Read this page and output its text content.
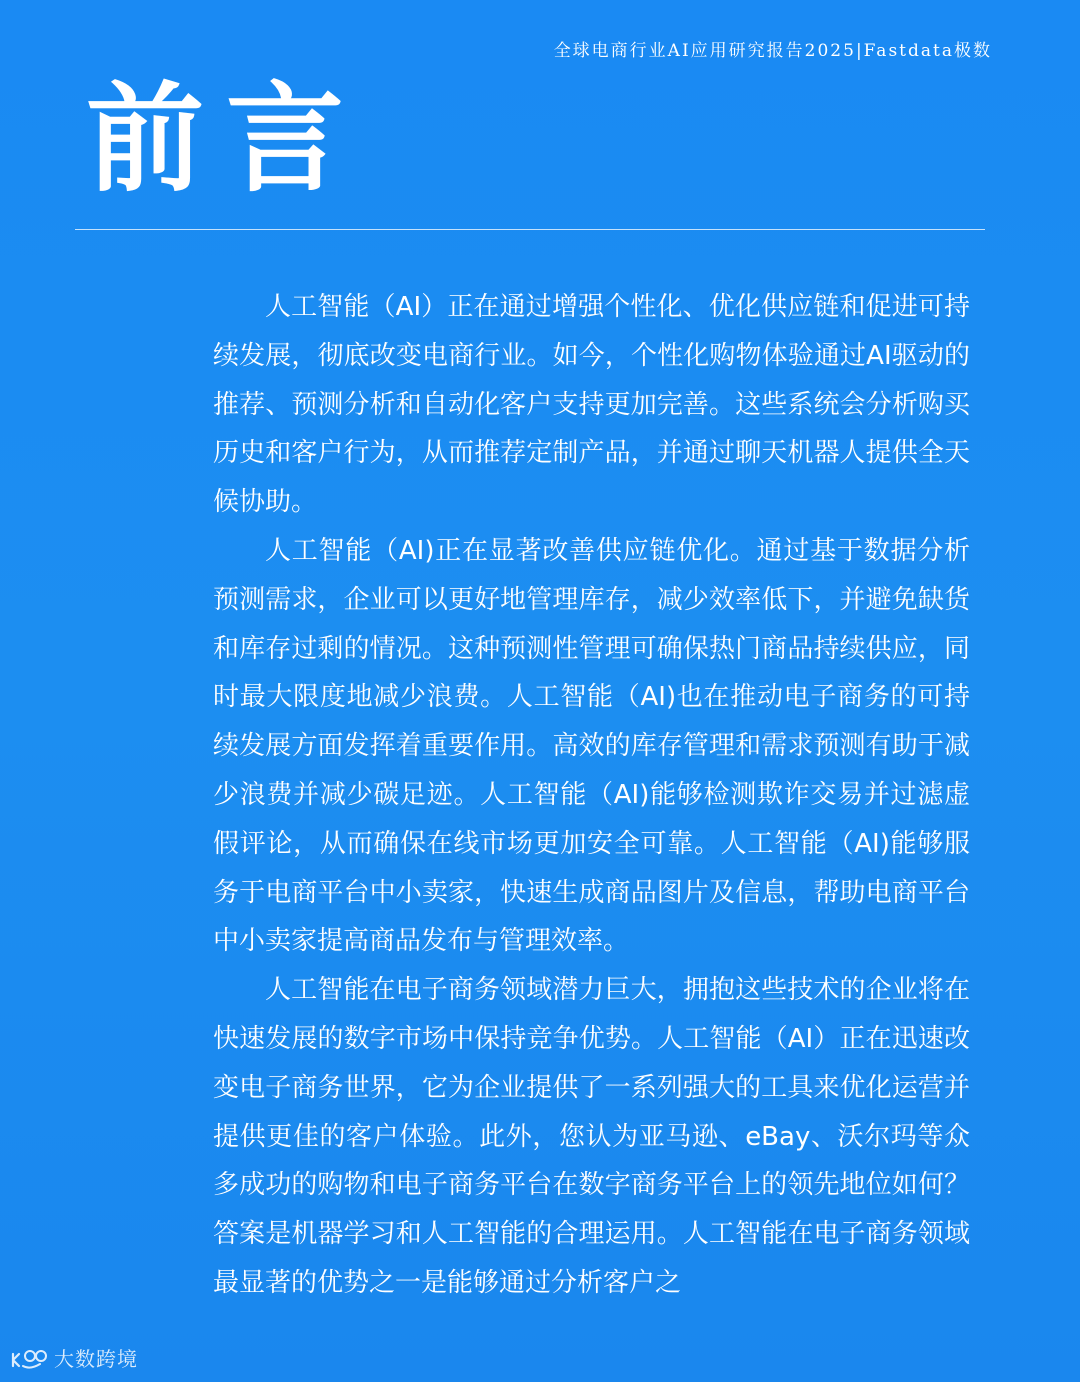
全球电商行业AI应用研究报告2025|Fastdata极数
前言

人工智能（AI）正在通过增强个性化、优化供应链和促进可持续发展，彻底改变电商行业。如今，个性化购物体验通过AI驱动的推荐、预测分析和自动化客户支持更加完善。这些系统会分析购买历史和客户行为，从而推荐定制产品，并通过聊天机器人提供全天候协助。

人工智能（AI)正在显著改善供应链优化。通过基于数据分析预测需求，企业可以更好地管理库存，减少效率低下，并避免缺货和库存过剩的情况。这种预测性管理可确保热门商品持续供应，同时最大限度地减少浪费。人工智能（AI)也在推动电子商务的可持续发展方面发挥着重要作用。高效的库存管理和需求预测有助于减少浪费并减少碳足迹。人工智能（AI)能够检测欺诈交易并过滤虚假评论，从而确保在线市场更加安全可靠。人工智能（AI)能够服务于电商平台中小卖家，快速生成商品图片及信息，帮助电商平台中小卖家提高商品发布与管理效率。

人工智能在电子商务领域潜力巨大，拥抱这些技术的企业将在快速发展的数字市场中保持竞争优势。人工智能（AI）正在迅速改变电子商务世界，它为企业提供了一系列强大的工具来优化运营并提供更佳的客户体验。此外，您认为亚马逊、eBay、沃尔玛等众多成功的购物和电子商务平台在数字商务平台上的领先地位如何？答案是机器学习和人工智能的合理运用。人工智能在电子商务领域最显著的优势之一是能够通过分析客户之

大数跨境
